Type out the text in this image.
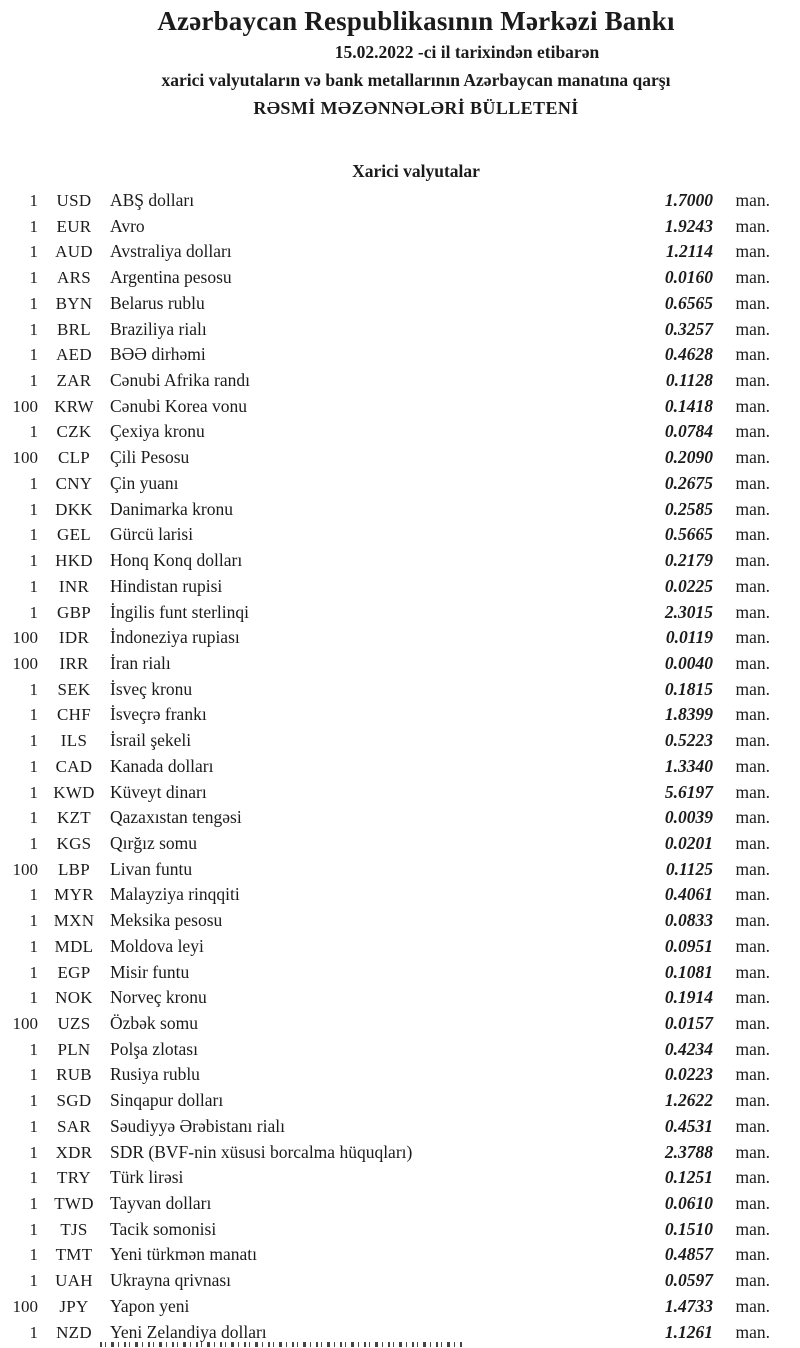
Azərbaycan Respublikasının Mərkəzi Bankı
15.02.2022 -ci il tarixindən etibarən
xarici valyutaların və bank metallarının Azərbaycan manatına qarşı
RƏSMİ MƏZƏNNƏLƏRİ BÜLLETENİ
Xarici valyutalar
1	USD	ABŞ dolları	1.7000	man.
1	EUR	Avro	1.9243	man.
1	AUD Avstraliya dolları	1.2114	man.
1	ARS	Argentina pesosu	0.0160	man.
1	BYN	Belarus rublu	0.6565	man.
1	BRL	Braziliya rialı	0.3257	man.
1	AED	BƏƏ dirhəmi	0.4628	man.
1	ZAR	Cənubi Afrika randı	0.1128	man.
100 KRW Cənubi Korea vonu	0.1418	man.
1	CZK	Çexiya kronu	0.0784	man.
100	CLP	Çili Pesosu	0.2090	man.
1	CNY	Çin yuanı	0.2675	man.
1	DKK Danimarka kronu	0.2585	man.
1	GEL	Gürcü larisi	0.5665	man.
1	HKD Honq Konq dolları	0.2179	man.
1	INR	Hindistan rupisi	0.0225	man.
1	GBP	İngilis funt sterlinqi	2.3015	man.
100	IDR	İndoneziya rupiası	0.0119	man.
100	IRR	İran rialı	0.0040	man.
1	SEK	İsveç kronu	0.1815	man.
1	CHF	İsveçrə frankı	1.8399	man.
1	ILS	İsrail şekeli	0.5223	man.
1	CAD	Kanada dolları	1.3340	man.
1 KWD Küveyt dinarı	5.6197	man.
1	KZT	Qazaxıstan tengəsi	0.0039	man.
1	KGS	Qırğız somu	0.0201	man.
100	LBP	Livan funtu	0.1125	man.
1 MYR Malayziya rinqqiti	0.4061	man.
1 MXN Meksika pesosu	0.0833	man.
1 MDL Moldova leyi	0.0951	man.
1	EGP	Misir funtu	0.1081	man.
1	NOK Norveç kronu	0.1914	man.
100	UZS	Özbək somu	0.0157	man.
1	PLN	Polşa zlotası	0.4234	man.
1	RUB	Rusiya rublu	0.0223	man.
1	SGD	Sinqapur dolları	1.2622	man.
1	SAR	Səudiyyə Ərəbistanı rialı	0.4531	man.
1	XDR	SDR (BVF-nin xüsusi borcalma hüquqları)	2.3788	man.
1	TRY	Türk lirəsi	0.1251	man.
1 TWD Tayvan dolları	0.0610	man.
1	TJS	Tacik somonisi	0.1510	man.
1	TMT	Yeni türkmən manatı	0.4857	man.
1	UAH Ukrayna qrivnası	0.0597	man.
100	JPY	Yapon yeni	1.4733	man.
1	NZD	Yeni Zelandiya dolları	1.1261	man.
